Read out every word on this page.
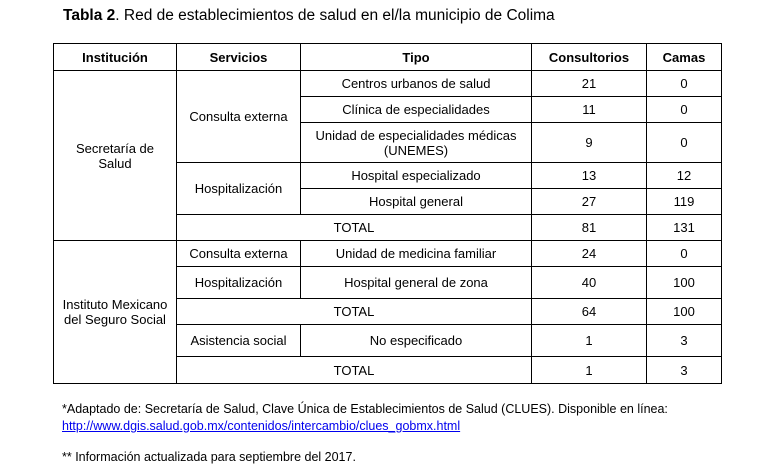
Tabla 2. Red de establecimientos de salud en el/la municipio de Colima
Institución	Servicios	Tipo	Consultorios	Camas
Secretaría de Salud	Consulta externa	Centros urbanos de salud	21	0
		Clínica de especialidades	11	0
		Unidad de especialidades médicas (UNEMES)	9	0
	Hospitalización	Hospital especializado	13	12
		Hospital general	27	119
	TOTAL		81	131
Instituto Mexicano del Seguro Social	Consulta externa	Unidad de medicina familiar	24	0
	Hospitalización	Hospital general de zona	40	100
	TOTAL		64	100
	Asistencia social	No especificado	1	3
	TOTAL		1	3
*Adaptado de: Secretaría de Salud, Clave Única de Establecimientos de Salud (CLUES). Disponible en línea:
http://www.dgis.salud.gob.mx/contenidos/intercambio/clues_gobmx.html
** Información actualizada para septiembre del 2017.
